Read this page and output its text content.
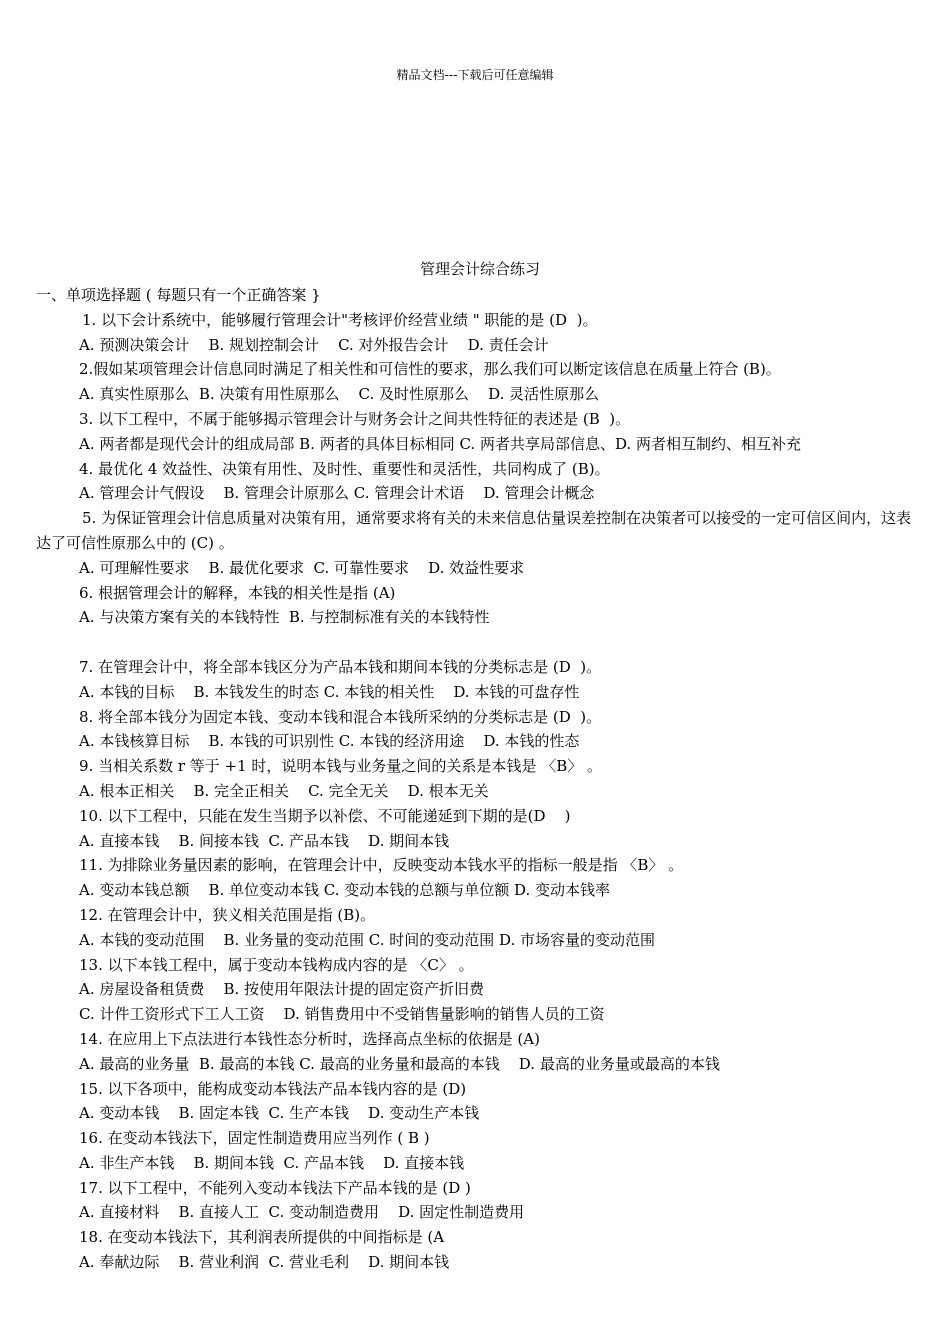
精品文档---下载后可任意编辑
管理会计综合练习
一、单项选择题 ( 每题只有一个正确答案 }
1. 以下会计系统中，能够履行管理会计"考核评价经营业绩 " 职能的是 (D  )。
A. 预测决策会计    B. 规划控制会计    C. 对外报告会计    D. 责任会计
2.假如某项管理会计信息同时满足了相关性和可信性的要求，那么我们可以断定该信息在质量上符合 (B)。
A. 真实性原那么  B. 决策有用性原那么    C. 及时性原那么    D. 灵活性原那么
3. 以下工程中，不属于能够揭示管理会计与财务会计之间共性特征的表述是 (B  )。
A. 两者都是现代会计的组成局部 B. 两者的具体目标相同 C. 两者共享局部信息、D. 两者相互制约、相互补充
4. 最优化 4 效益性、决策有用性、及时性、重要性和灵活性，共同构成了 (B)。
A. 管理会计气假设    B. 管理会计原那么 C. 管理会计术语    D. 管理会计概念
5. 为保证管理会计信息质量对决策有用，通常要求将有关的未来信息估量误差控制在决策者可以接受的一定可信区间内，这表达了可信性原那么中的 (C) 。
A. 可理解性要求    B. 最优化要求  C. 可靠性要求    D. 效益性要求
6. 根据管理会计的解释，本钱的相关性是指 (A)
A. 与决策方案有关的本钱特性  B. 与控制标准有关的本钱特性
7. 在管理会计中，将全部本钱区分为产品本钱和期间本钱的分类标志是 (D  )。
A. 本钱的目标    B. 本钱发生的时态 C. 本钱的相关性    D. 本钱的可盘存性
8. 将全部本钱分为固定本钱、变动本钱和混合本钱所采纳的分类标志是 (D  )。
A. 本钱核算目标    B. 本钱的可识别性 C. 本钱的经济用途    D. 本钱的性态
9. 当相关系数 r 等于 +1 时，说明本钱与业务量之间的关系是本钱是 〈B〉 。
A. 根本正相关    B. 完全正相关    C. 完全无关    D. 根本无关
10. 以下工程中，只能在发生当期予以补偿、不可能递延到下期的是(D    )
A. 直接本钱    B. 间接本钱  C. 产品本钱    D. 期间本钱
11. 为排除业务量因素的影响，在管理会计中，反映变动本钱水平的指标一般是指 〈B〉 。
A. 变动本钱总额    B. 单位变动本钱 C. 变动本钱的总额与单位额 D. 变动本钱率
12. 在管理会计中，狭义相关范围是指 (B)。
A. 本钱的变动范围    B. 业务量的变动范围 C. 时间的变动范围 D. 市场容量的变动范围
13. 以下本钱工程中，属于变动本钱构成内容的是 〈C〉 。
A. 房屋设备租赁费    B. 按使用年限法计提的固定资产折旧费
C. 计件工资形式下工人工资    D. 销售费用中不受销售量影响的销售人员的工资
14. 在应用上下点法进行本钱性态分析时，选择高点坐标的依据是 (A)
A. 最高的业务量  B. 最高的本钱 C. 最高的业务量和最高的本钱    D. 最高的业务量或最高的本钱
15. 以下各项中，能构成变动本钱法产品本钱内容的是 (D)
A. 变动本钱    B. 固定本钱  C. 生产本钱    D. 变动生产本钱
16. 在变动本钱法下，固定性制造费用应当列作 ( B )
A. 非生产本钱    B. 期间本钱  C. 产品本钱    D. 直接本钱
17. 以下工程中，不能列入变动本钱法下产品本钱的是 (D )
A. 直接材料    B. 直接人工  C. 变动制造费用    D. 固定性制造费用
18. 在变动本钱法下，其利润表所提供的中间指标是 (A
A. 奉献边际    B. 营业利润  C. 营业毛利    D. 期间本钱
